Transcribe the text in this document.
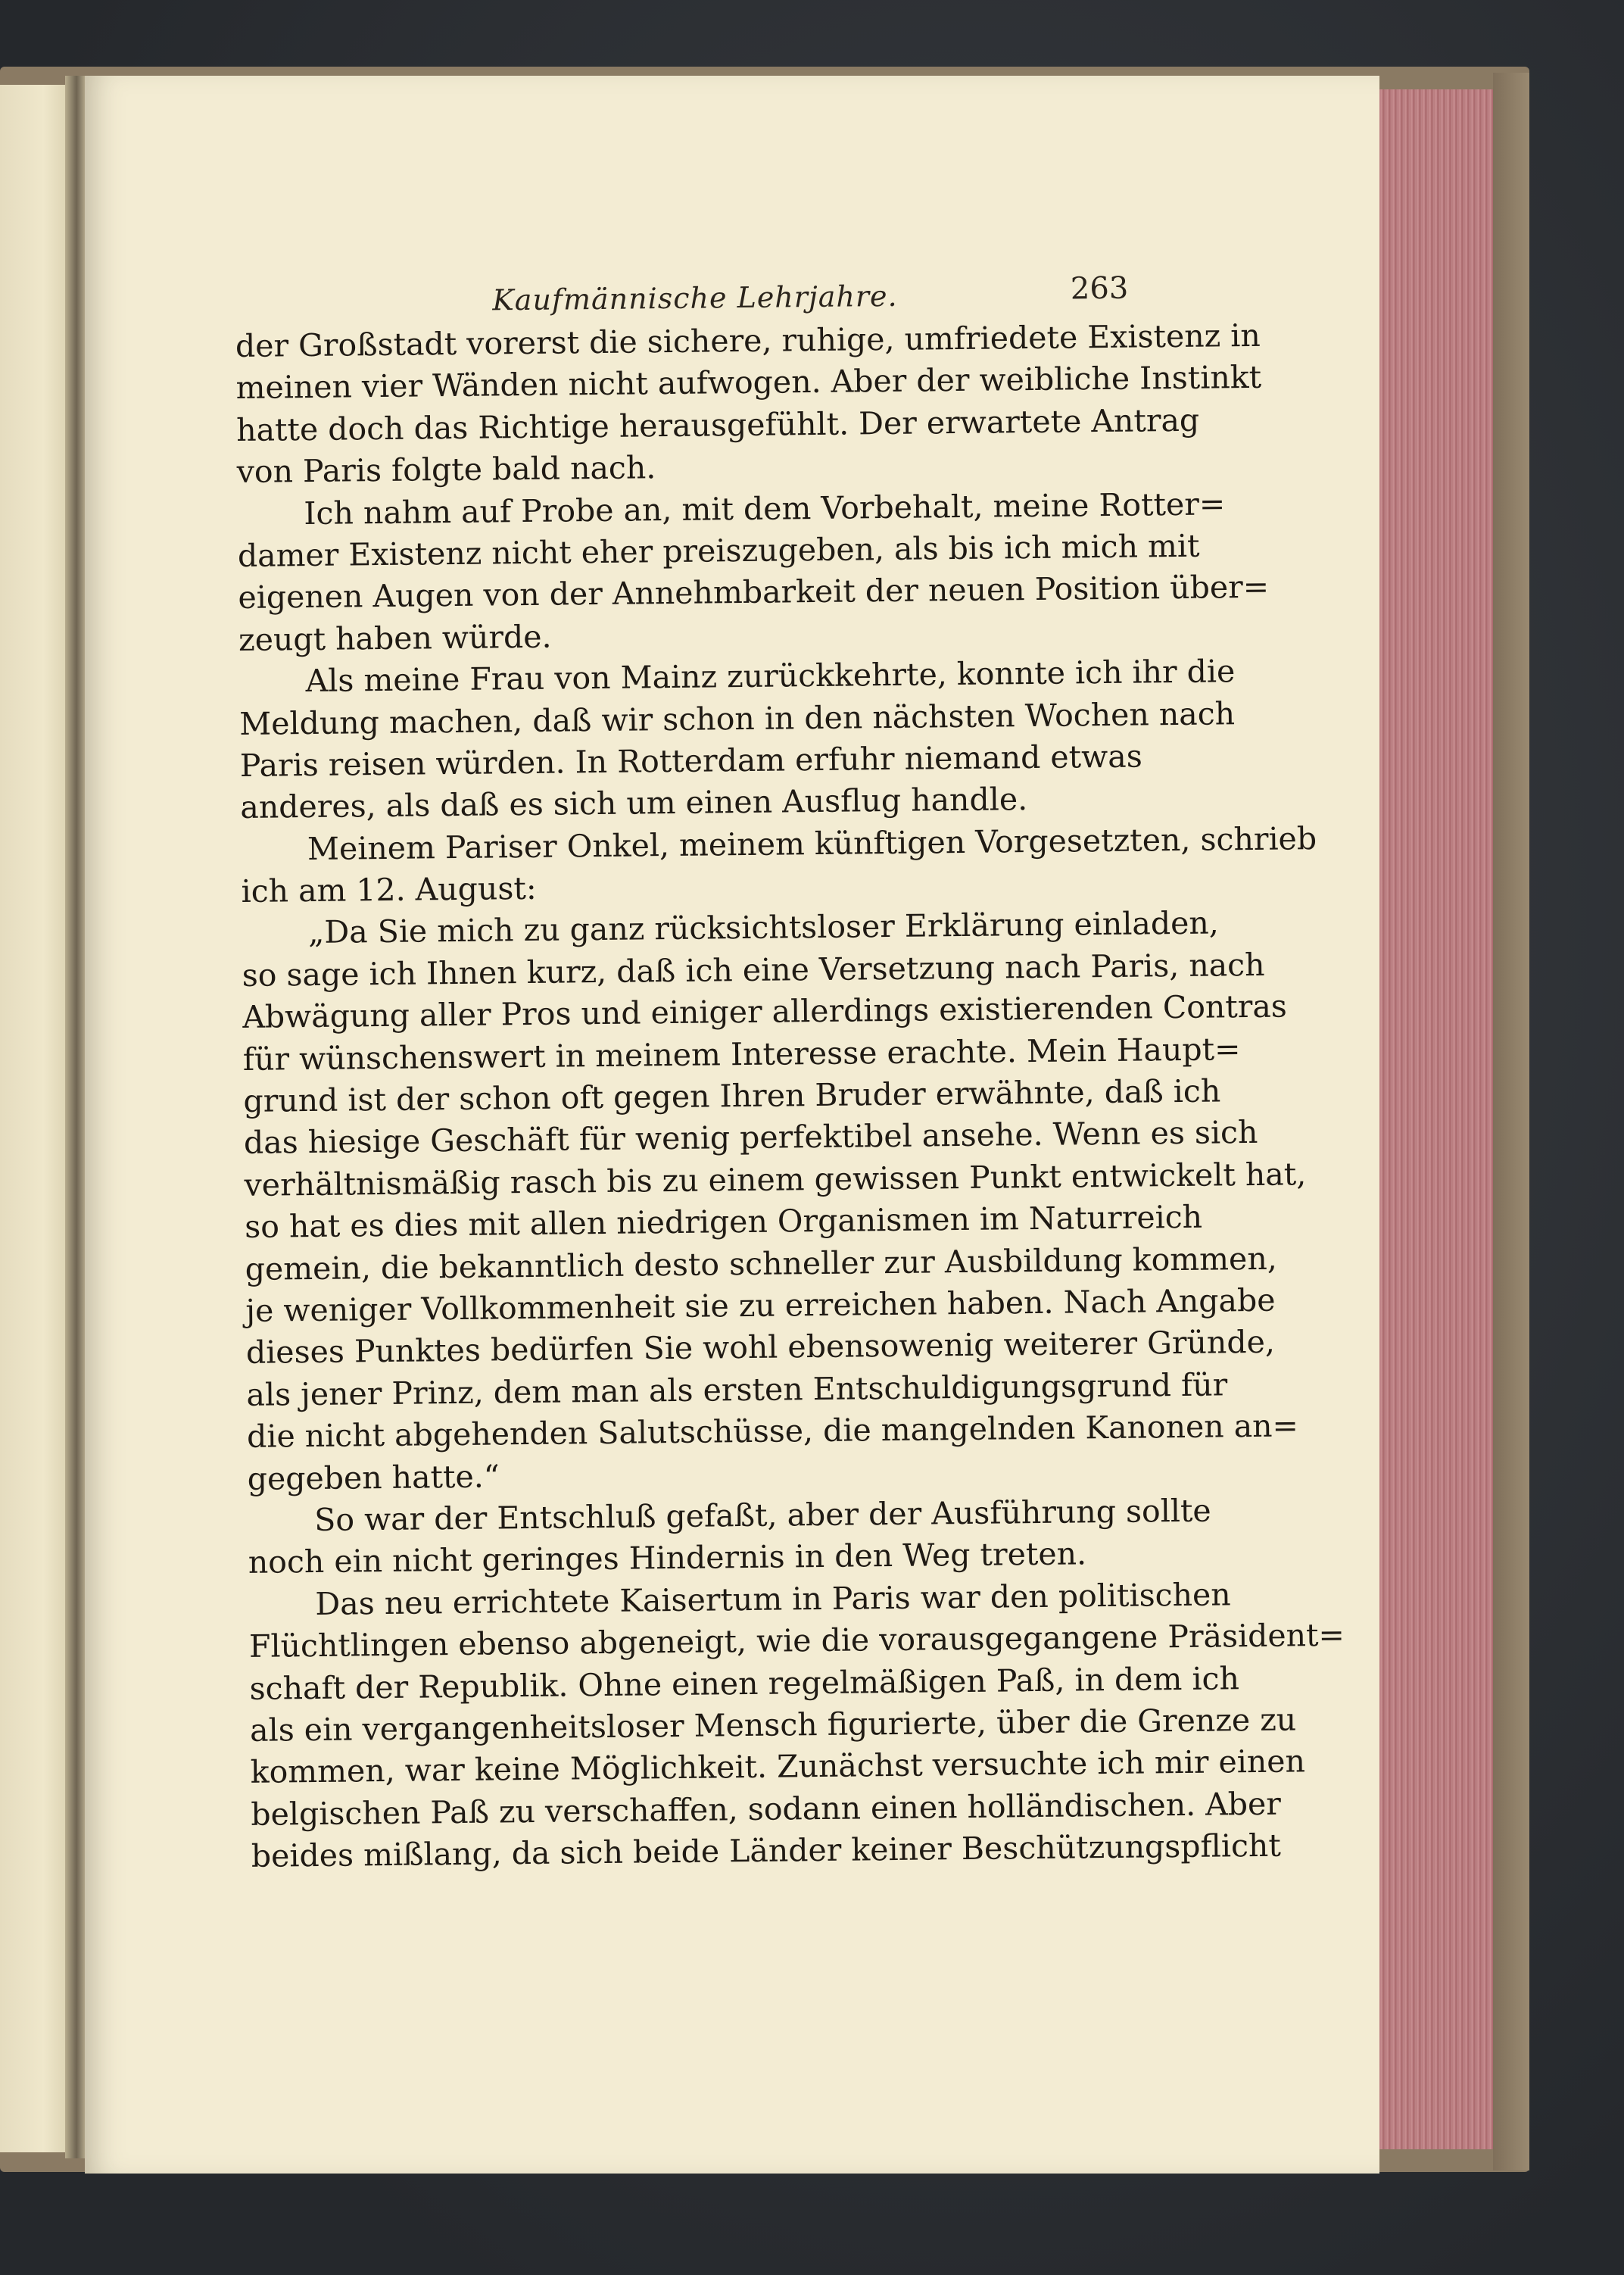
Kaufmännische Lehrjahre.	263
der Großstadt vorerst die sichere, ruhige, umfriedete Existenz in
meinen vier Wänden nicht aufwogen. Aber der weibliche Instinkt
hatte doch das Richtige herausgefühlt. Der erwartete Antrag
von Paris folgte bald nach.
Ich nahm auf Probe an, mit dem Vorbehalt, meine Rotter=
damer Existenz nicht eher preiszugeben, als bis ich mich mit
eigenen Augen von der Annehmbarkeit der neuen Position über=
zeugt haben würde.
Als meine Frau von Mainz zurückkehrte, konnte ich ihr die
Meldung machen, daß wir schon in den nächsten Wochen nach
Paris reisen würden. In Rotterdam erfuhr niemand etwas
anderes, als daß es sich um einen Ausflug handle.
Meinem Pariser Onkel, meinem künftigen Vorgesetzten, schrieb
ich am 12. August:
„Da Sie mich zu ganz rücksichtsloser Erklärung einladen,
so sage ich Ihnen kurz, daß ich eine Versetzung nach Paris, nach
Abwägung aller Pros und einiger allerdings existierenden Contras
für wünschenswert in meinem Interesse erachte. Mein Haupt=
grund ist der schon oft gegen Ihren Bruder erwähnte, daß ich
das hiesige Geschäft für wenig perfektibel ansehe. Wenn es sich
verhältnismäßig rasch bis zu einem gewissen Punkt entwickelt hat,
so hat es dies mit allen niedrigen Organismen im Naturreich
gemein, die bekanntlich desto schneller zur Ausbildung kommen,
je weniger Vollkommenheit sie zu erreichen haben. Nach Angabe
dieses Punktes bedürfen Sie wohl ebensowenig weiterer Gründe,
als jener Prinz, dem man als ersten Entschuldigungsgrund für
die nicht abgehenden Salutschüsse, die mangelnden Kanonen an=
gegeben hatte.“
So war der Entschluß gefaßt, aber der Ausführung sollte
noch ein nicht geringes Hindernis in den Weg treten.
Das neu errichtete Kaisertum in Paris war den politischen
Flüchtlingen ebenso abgeneigt, wie die vorausgegangene Präsident=
schaft der Republik. Ohne einen regelmäßigen Paß, in dem ich
als ein vergangenheitsloser Mensch figurierte, über die Grenze zu
kommen, war keine Möglichkeit. Zunächst versuchte ich mir einen
belgischen Paß zu verschaffen, sodann einen holländischen. Aber
beides mißlang, da sich beide Länder keiner Beschützungspflicht
